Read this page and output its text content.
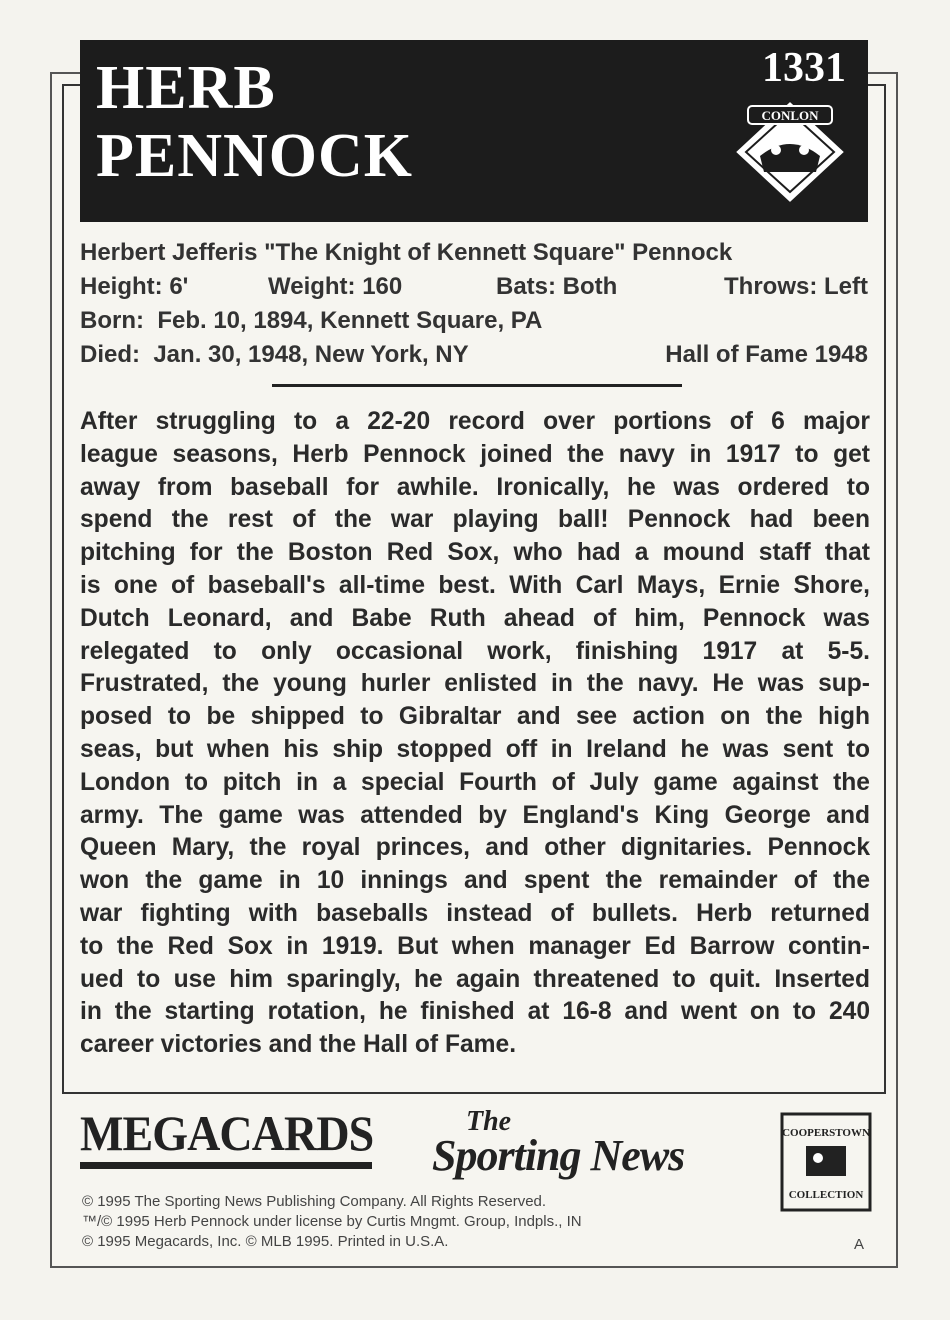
HERB
PENNOCK
1331
CONLON
Herbert Jefferis "The Knight of Kennett Square" Pennock
Height: 6'	Weight: 160	Bats: Both	Throws: Left
Born:  Feb. 10, 1894, Kennett Square, PA
Died:  Jan. 30, 1948, New York, NY	Hall of Fame 1948
After struggling to a 22-20 record over portions of 6 major
league seasons, Herb Pennock joined the navy in 1917 to get
away from baseball for awhile. Ironically, he was ordered to
spend the rest of the war playing ball! Pennock had been
pitching for the Boston Red Sox, who had a mound staff that
is one of baseball's all-time best. With Carl Mays, Ernie Shore,
Dutch Leonard, and Babe Ruth ahead of him, Pennock was
relegated to only occasional work, finishing 1917 at 5-5.
Frustrated, the young hurler enlisted in the navy. He was sup-
posed to be shipped to Gibraltar and see action on the high
seas, but when his ship stopped off in Ireland he was sent to
London to pitch in a special Fourth of July game against the
army. The game was attended by England's King George and
Queen Mary, the royal princes, and other dignitaries. Pennock
won the game in 10 innings and spent the remainder of the
war fighting with baseballs instead of bullets. Herb returned
to the Red Sox in 1919. But when manager Ed Barrow contin-
ued to use him sparingly, he again threatened to quit. Inserted
in the starting rotation, he finished at 16-8 and went on to 240
career victories and the Hall of Fame.
MEGACARDS	The
Sporting News	COOPERSTOWN
COLLECTION
© 1995 The Sporting News Publishing Company. All Rights Reserved.
™/© 1995 Herb Pennock under license by Curtis Mngmt. Group, Indpls., IN
© 1995 Megacards, Inc. © MLB 1995. Printed in U.S.A.	A
